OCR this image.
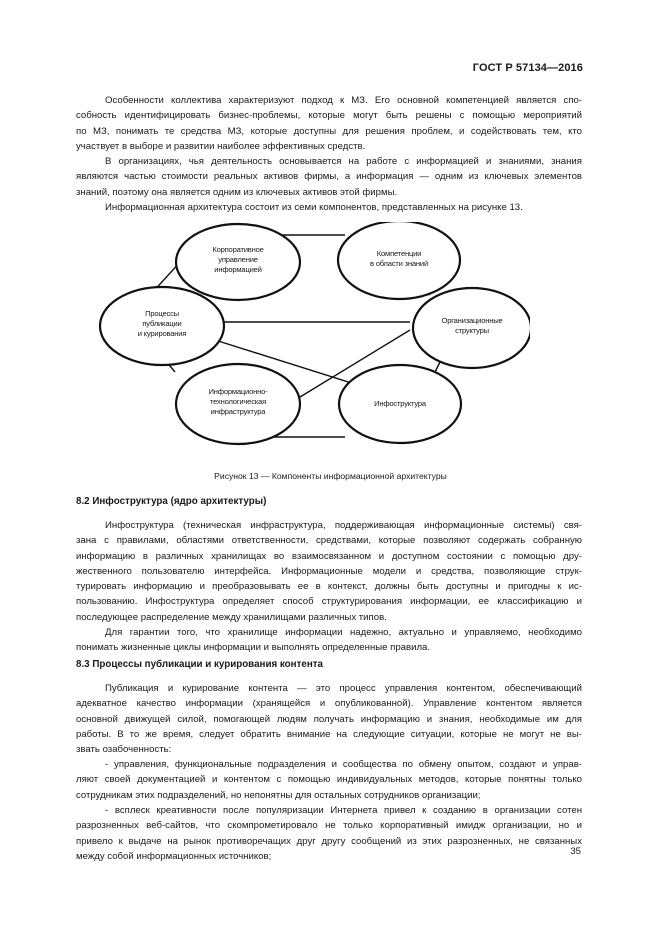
ГОСТ Р 57134—2016

Особенности коллектива характеризуют подход к МЗ. Его основной компетенцией является спо-
собность идентифицировать бизнес-проблемы, которые могут быть решены с помощью мероприятий
по МЗ, понимать те средства МЗ, которые доступны для решения проблем, и содействовать тем, кто
участвует в выборе и развитии наиболее эффективных средств.

В организациях, чья деятельность основывается на работе с информацией и знаниями, знания
являются частью стоимости реальных активов фирмы, а информация — одним из ключевых элементов
знаний, поэтому она является одним из ключевых активов этой фирмы.

Информационная архитектура состоит из семи компонентов, представленных на рисунке 13.

Корпоративное
управление
информацией
Компетенции
в области знаний
Процессы
публикации
и курирования
Организационные
структуры
Информационно-
технологическая
инфраструктура
Инфоструктура
Рисунок 13 — Компоненты информационной архитектуры
8.2 Инфоструктура (ядро архитектуры)

Инфоструктура (техническая инфраструктура, поддерживающая информационные системы) свя-
зана с правилами, областями ответственности, средствами, которые позволяют содержать собранную
информацию в различных хранилищах во взаимосвязанном и доступном состоянии с помощью дру-
жественного пользователю интерфейса. Информационные модели и средства, позволяющие струк-
турировать информацию и преобразовывать ее в контекст, должны быть доступны и пригодны к ис-
пользованию. Инфоструктура определяет способ структурирования информации, ее классификацию и
последующее распределение между хранилищами различных типов.

Для гарантии того, что хранилище информации надежно, актуально и управляемо, необходимо
понимать жизненные циклы информации и выполнять определенные правила.

8.3 Процессы публикации и курирования контента

Публикация и курирование контента — это процесс управления контентом, обеспечивающий
адекватное качество информации (хранящейся и опубликованной). Управление контентом является
основной движущей силой, помогающей людям получать информацию и знания, необходимые им для
работы. В то же время, следует обратить внимание на следующие ситуации, которые не могут не вы-
звать озабоченность:

- управления, функциональные подразделения и сообщества по обмену опытом, создают и управ-
ляют своей документацией и контентом с помощью индивидуальных методов, которые понятны только
сотрудникам этих подразделений, но непонятны для остальных сотрудников организации;

- всплеск креативности после популяризации Интернета привел к созданию в организации сотен
разрозненных веб-сайтов, что скомпрометировало не только корпоративный имидж организации, но и
привело к выдаче на рынок противоречащих друг другу сообщений из этих разрозненных, не связанных
между собой информационных источников;	35
